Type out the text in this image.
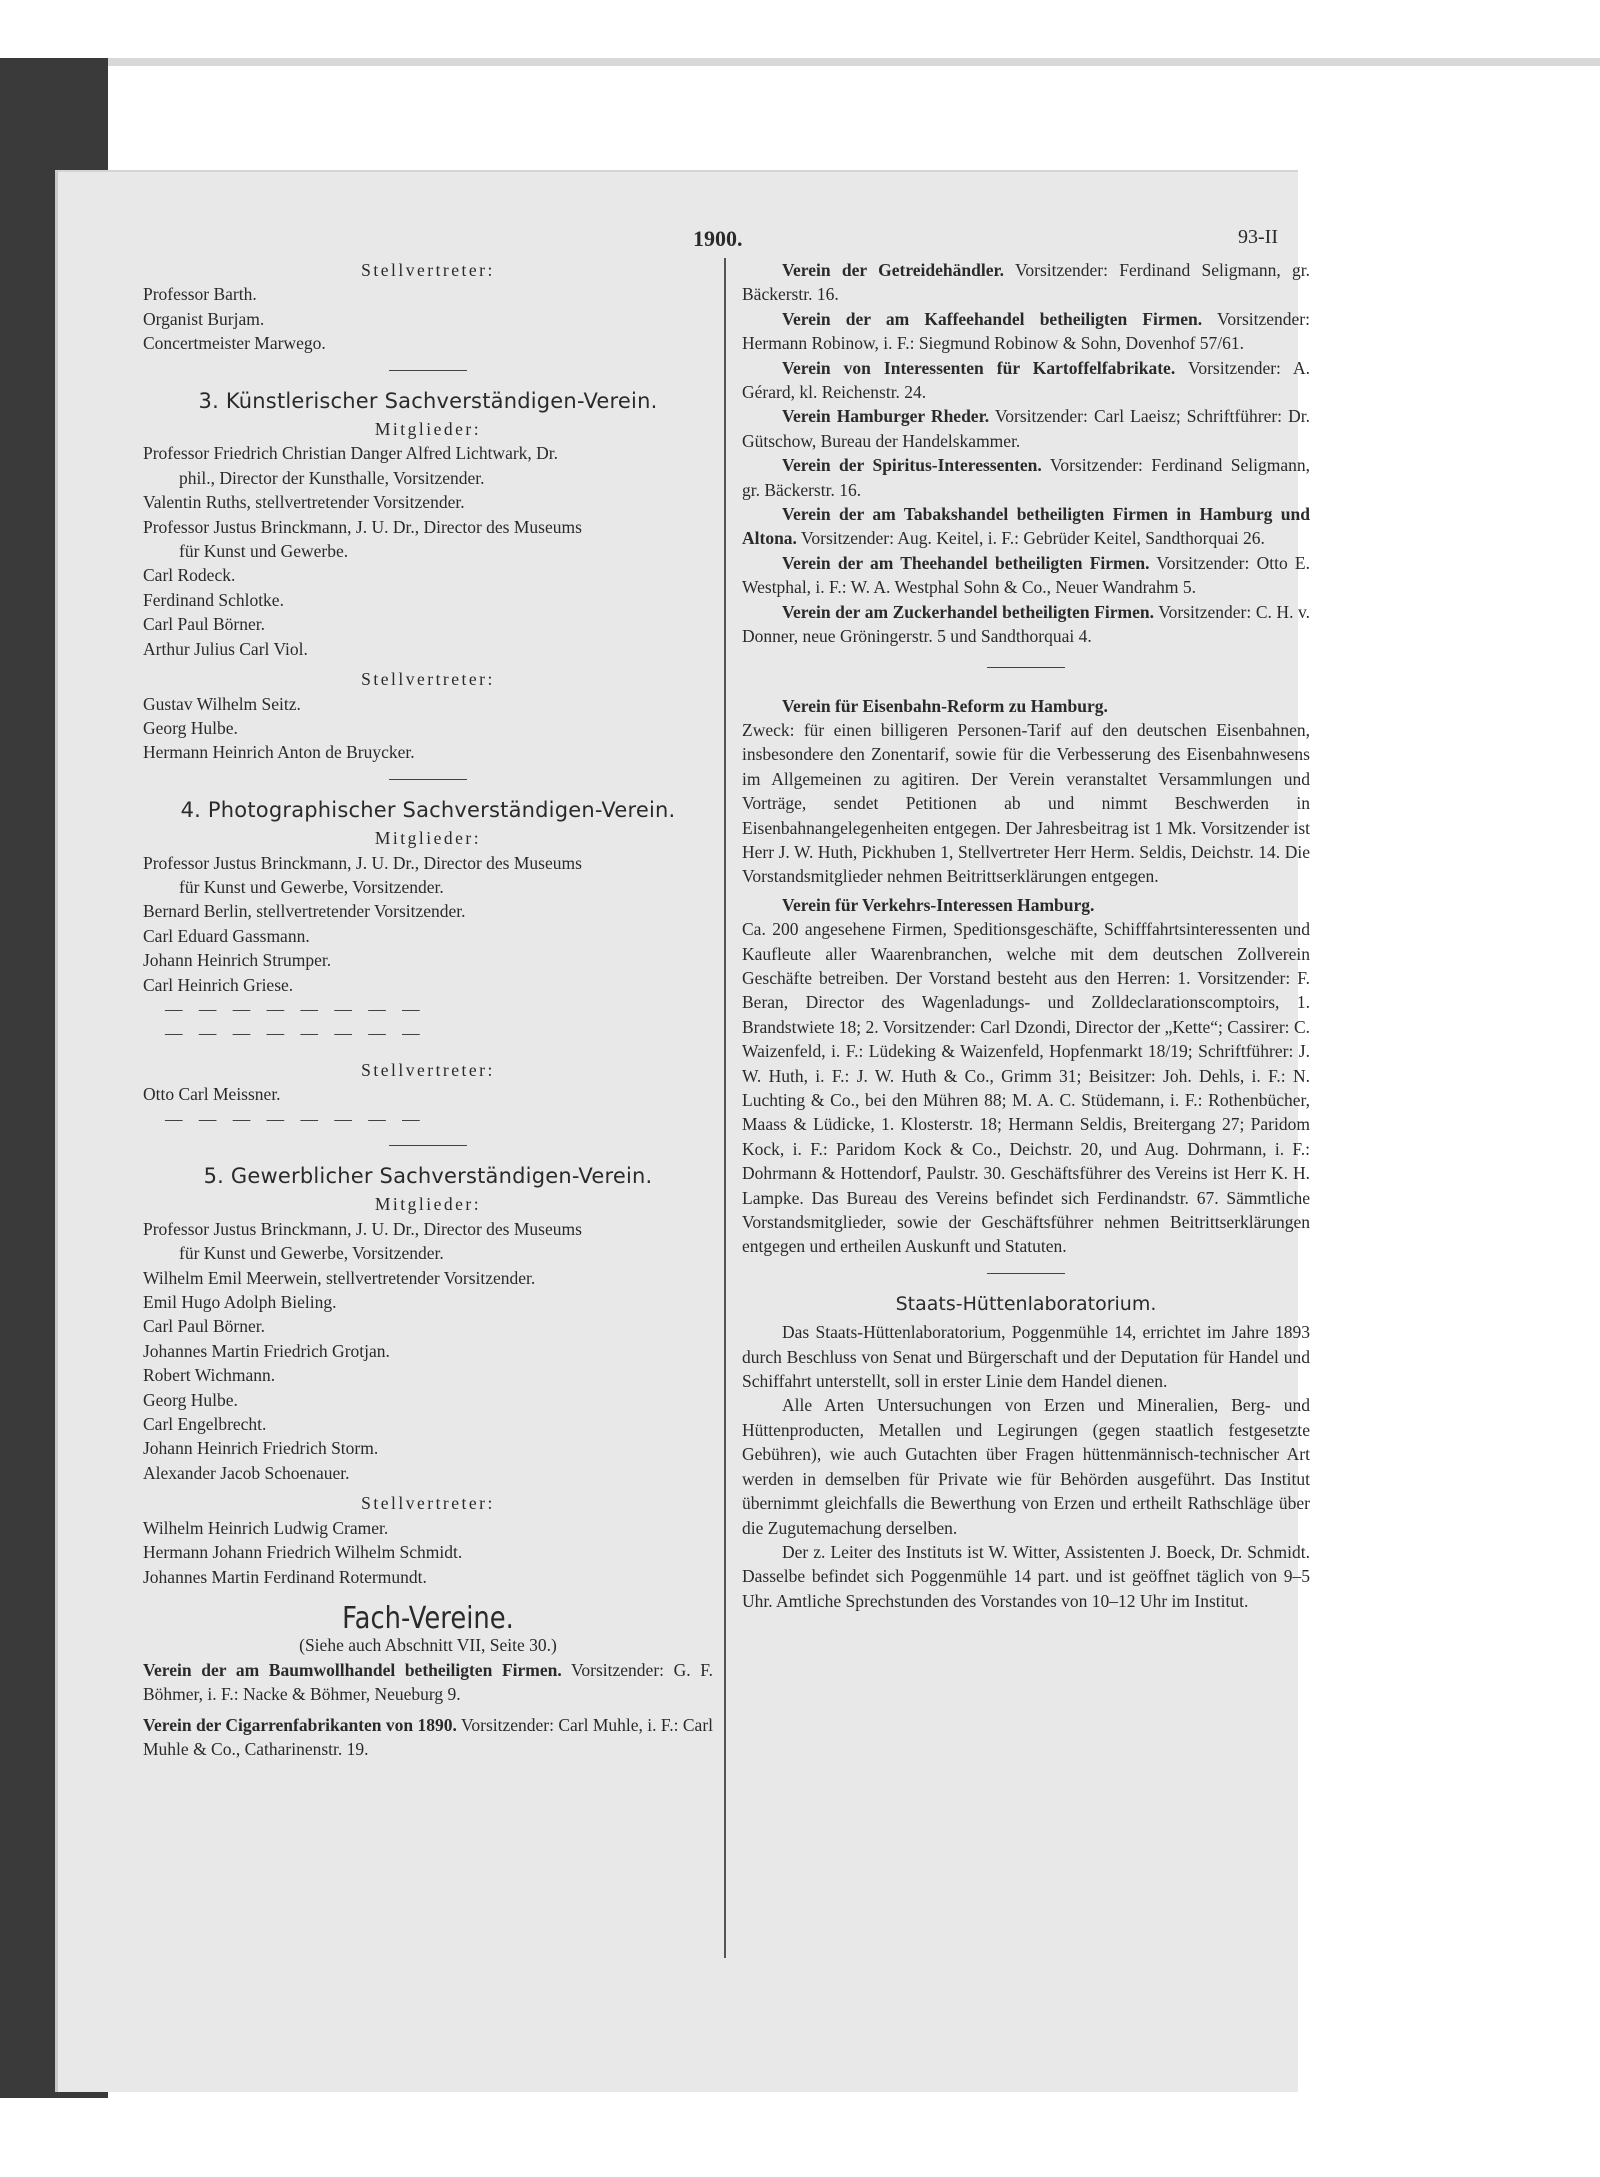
1900.	93-II
Stellvertreter:
Professor Barth.
Organist Burjam.
Concertmeister Marwego.
3. Künstlerischer Sachverständigen-Verein.
Mitglieder:
Professor Friedrich Christian Danger Alfred Lichtwark, Dr.
phil., Director der Kunsthalle, Vorsitzender.
Valentin Ruths, stellvertretender Vorsitzender.
Professor Justus Brinckmann, J. U. Dr., Director des Museums
für Kunst und Gewerbe.
Carl Rodeck.
Ferdinand Schlotke.
Carl Paul Börner.
Arthur Julius Carl Viol.
Stellvertreter:
Gustav Wilhelm Seitz.
Georg Hulbe.
Hermann Heinrich Anton de Bruycker.
4. Photographischer Sachverständigen-Verein.
Mitglieder:
Professor Justus Brinckmann, J. U. Dr., Director des Museums
für Kunst und Gewerbe, Vorsitzender.
Bernard Berlin, stellvertretender Vorsitzender.
Carl Eduard Gassmann.
Johann Heinrich Strumper.
Carl Heinrich Griese.
— — — — — — — —
— — — — — — — —
Stellvertreter:
Otto Carl Meissner.
— — — — — — — —
5. Gewerblicher Sachverständigen-Verein.
Mitglieder:
Professor Justus Brinckmann, J. U. Dr., Director des Museums
für Kunst und Gewerbe, Vorsitzender.
Wilhelm Emil Meerwein, stellvertretender Vorsitzender.
Emil Hugo Adolph Bieling.
Carl Paul Börner.
Johannes Martin Friedrich Grotjan.
Robert Wichmann.
Georg Hulbe.
Carl Engelbrecht.
Johann Heinrich Friedrich Storm.
Alexander Jacob Schoenauer.
Stellvertreter:
Wilhelm Heinrich Ludwig Cramer.
Hermann Johann Friedrich Wilhelm Schmidt.
Johannes Martin Ferdinand Rotermundt.
Fach-Vereine.
(Siehe auch Abschnitt VII, Seite 30.)
Verein der am Baumwollhandel betheiligten Firmen. Vorsitzender: G. F. Böhmer, i. F.: Nacke & Böhmer, Neueburg 9.
Verein der Cigarrenfabrikanten von 1890. Vorsitzender: Carl Muhle, i. F.: Carl Muhle & Co., Catharinenstr. 19.
Verein der Getreidehändler. Vorsitzender: Ferdinand Seligmann, gr. Bäckerstr. 16.
Verein der am Kaffeehandel betheiligten Firmen. Vorsitzender: Hermann Robinow, i. F.: Siegmund Robinow & Sohn, Dovenhof 57/61.
Verein von Interessenten für Kartoffelfabrikate. Vorsitzender: A. Gérard, kl. Reichenstr. 24.
Verein Hamburger Rheder. Vorsitzender: Carl Laeisz; Schriftführer: Dr. Gütschow, Bureau der Handelskammer.
Verein der Spiritus-Interessenten. Vorsitzender: Ferdinand Seligmann, gr. Bäckerstr. 16.
Verein der am Tabakshandel betheiligten Firmen in Hamburg und Altona. Vorsitzender: Aug. Keitel, i. F.: Gebrüder Keitel, Sandthorquai 26.
Verein der am Theehandel betheiligten Firmen. Vorsitzender: Otto E. Westphal, i. F.: W. A. Westphal Sohn & Co., Neuer Wandrahm 5.
Verein der am Zuckerhandel betheiligten Firmen. Vorsitzender: C. H. v. Donner, neue Gröningerstr. 5 und Sandthorquai 4.
Verein für Eisenbahn-Reform zu Hamburg.
Zweck: für einen billigeren Personen-Tarif auf den deutschen Eisenbahnen, insbesondere den Zonentarif, sowie für die Verbesserung des Eisenbahnwesens im Allgemeinen zu agitiren. Der Verein veranstaltet Versammlungen und Vorträge, sendet Petitionen ab und nimmt Beschwerden in Eisenbahnangelegenheiten entgegen. Der Jahresbeitrag ist 1 Mk. Vorsitzender ist Herr J. W. Huth, Pickhuben 1, Stellvertreter Herr Herm. Seldis, Deichstr. 14. Die Vorstandsmitglieder nehmen Beitrittserklärungen entgegen.
Verein für Verkehrs-Interessen Hamburg.
Ca. 200 angesehene Firmen, Speditionsgeschäfte, Schifffahrtsinteressenten und Kaufleute aller Waarenbranchen, welche mit dem deutschen Zollverein Geschäfte betreiben. Der Vorstand besteht aus den Herren: 1. Vorsitzender: F. Beran, Director des Wagenladungs- und Zolldeclarationscomptoirs, 1. Brandstwiete 18; 2. Vorsitzender: Carl Dzondi, Director der „Kette“; Cassirer: C. Waizenfeld, i. F.: Lüdeking & Waizenfeld, Hopfenmarkt 18/19; Schriftführer: J. W. Huth, i. F.: J. W. Huth & Co., Grimm 31; Beisitzer: Joh. Dehls, i. F.: N. Luchting & Co., bei den Mühren 88; M. A. C. Stüdemann, i. F.: Rothenbücher, Maass & Lüdicke, 1. Klosterstr. 18; Hermann Seldis, Breitergang 27; Paridom Kock, i. F.: Paridom Kock & Co., Deichstr. 20, und Aug. Dohrmann, i. F.: Dohrmann & Hottendorf, Paulstr. 30. Geschäftsführer des Vereins ist Herr K. H. Lampke. Das Bureau des Vereins befindet sich Ferdinandstr. 67. Sämmtliche Vorstandsmitglieder, sowie der Geschäftsführer nehmen Beitrittserklärungen entgegen und ertheilen Auskunft und Statuten.
Staats-Hüttenlaboratorium.
Das Staats-Hüttenlaboratorium, Poggenmühle 14, errichtet im Jahre 1893 durch Beschluss von Senat und Bürgerschaft und der Deputation für Handel und Schiffahrt unterstellt, soll in erster Linie dem Handel dienen.
Alle Arten Untersuchungen von Erzen und Mineralien, Berg- und Hüttenproducten, Metallen und Legirungen (gegen staatlich festgesetzte Gebühren), wie auch Gutachten über Fragen hüttenmännisch-technischer Art werden in demselben für Private wie für Behörden ausgeführt. Das Institut übernimmt gleichfalls die Bewerthung von Erzen und ertheilt Rathschläge über die Zugutemachung derselben.
Der z. Leiter des Instituts ist W. Witter, Assistenten J. Boeck, Dr. Schmidt. Dasselbe befindet sich Poggenmühle 14 part. und ist geöffnet täglich von 9–5 Uhr. Amtliche Sprechstunden des Vorstandes von 10–12 Uhr im Institut.
